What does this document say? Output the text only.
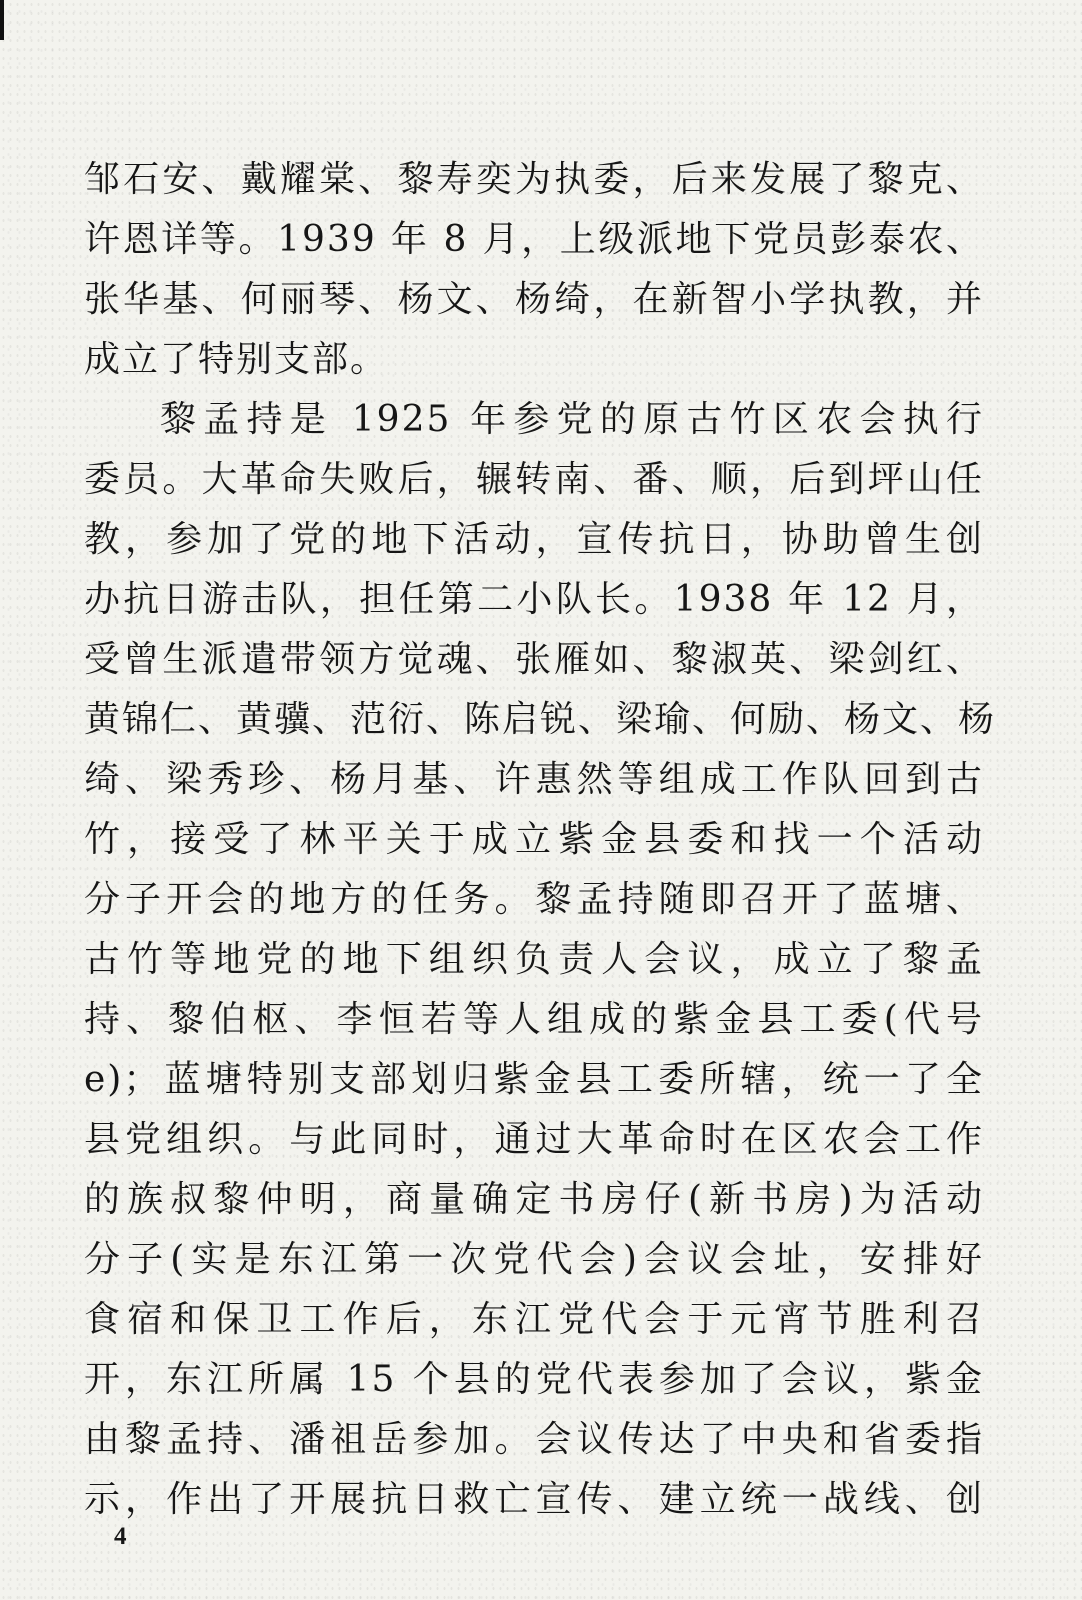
邹石安、戴耀棠、黎寿奕为执委，后来发展了黎克、
许恩详等。1939 年 8 月，上级派地下党员彭泰农、
张华基、何丽琴、杨文、杨绮，在新智小学执教，并
成立了特别支部。
黎孟持是 1925 年参党的原古竹区农会执行
委员。大革命失败后，辗转南、番、顺，后到坪山任
教，参加了党的地下活动，宣传抗日，协助曾生创
办抗日游击队，担任第二小队长。1938 年 12 月，
受曾生派遣带领方觉魂、张雁如、黎淑英、梁剑红、
黄锦仁、黄骥、范衍、陈启锐、梁瑜、何励、杨文、杨
绮、梁秀珍、杨月基、许惠然等组成工作队回到古
竹，接受了林平关于成立紫金县委和找一个活动
分子开会的地方的任务。黎孟持随即召开了蓝塘、
古竹等地党的地下组织负责人会议，成立了黎孟
持、黎伯枢、李恒若等人组成的紫金县工委(代号
e)；蓝塘特别支部划归紫金县工委所辖，统一了全
县党组织。与此同时，通过大革命时在区农会工作
的族叔黎仲明，商量确定书房仔(新书房)为活动
分子(实是东江第一次党代会)会议会址，安排好
食宿和保卫工作后，东江党代会于元宵节胜利召
开，东江所属 15 个县的党代表参加了会议，紫金
由黎孟持、潘祖岳参加。会议传达了中央和省委指
示，作出了开展抗日救亡宣传、建立统一战线、创
4
